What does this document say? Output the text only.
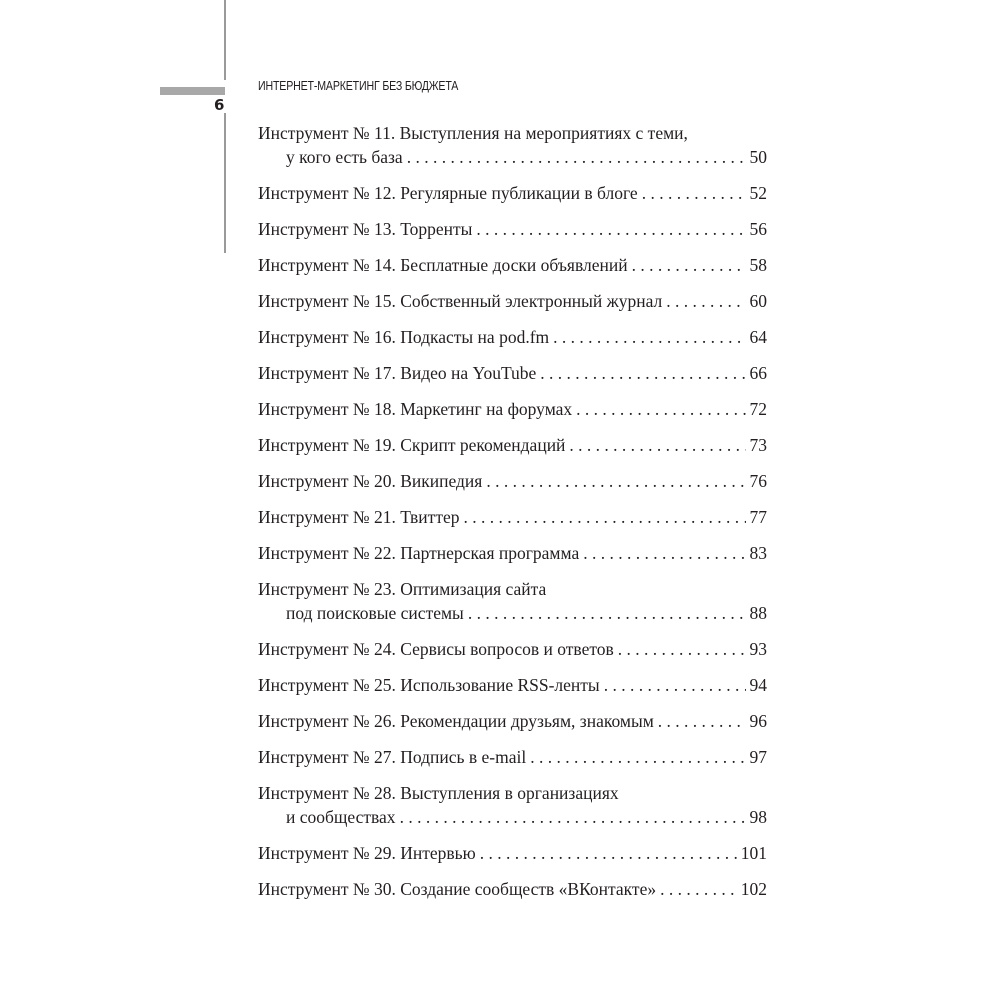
6
ИНТЕРНЕТ-МАРКЕТИНГ БЕЗ БЮДЖЕТА
Инструмент № 11. Выступления на мероприятиях с теми,
у кого есть база . . .	50
Инструмент № 12. Регулярные публикации в блоге . . .	52
Инструмент № 13. Торренты . . .	56
Инструмент № 14. Бесплатные доски объявлений . . .	58
Инструмент № 15. Собственный электронный журнал . . .	60
Инструмент № 16. Подкасты на pod.fm . . .	64
Инструмент № 17. Видео на YouTube . . .	66
Инструмент № 18. Маркетинг на форумах . . .	72
Инструмент № 19. Скрипт рекомендаций . . .	73
Инструмент № 20. Википедия . . .	76
Инструмент № 21. Твиттер . . .	77
Инструмент № 22. Партнерская программа . . .	83
Инструмент № 23. Оптимизация сайта
под поисковые системы . . .	88
Инструмент № 24. Сервисы вопросов и ответов . . .	93
Инструмент № 25. Использование RSS-ленты . . .	94
Инструмент № 26. Рекомендации друзьям, знакомым . . .	96
Инструмент № 27. Подпись в e-mail . . .	97
Инструмент № 28. Выступления в организациях
и сообществах . . .	98
Инструмент № 29. Интервью . . .	101
Инструмент № 30. Создание сообществ «ВКонтакте» . . .	102
